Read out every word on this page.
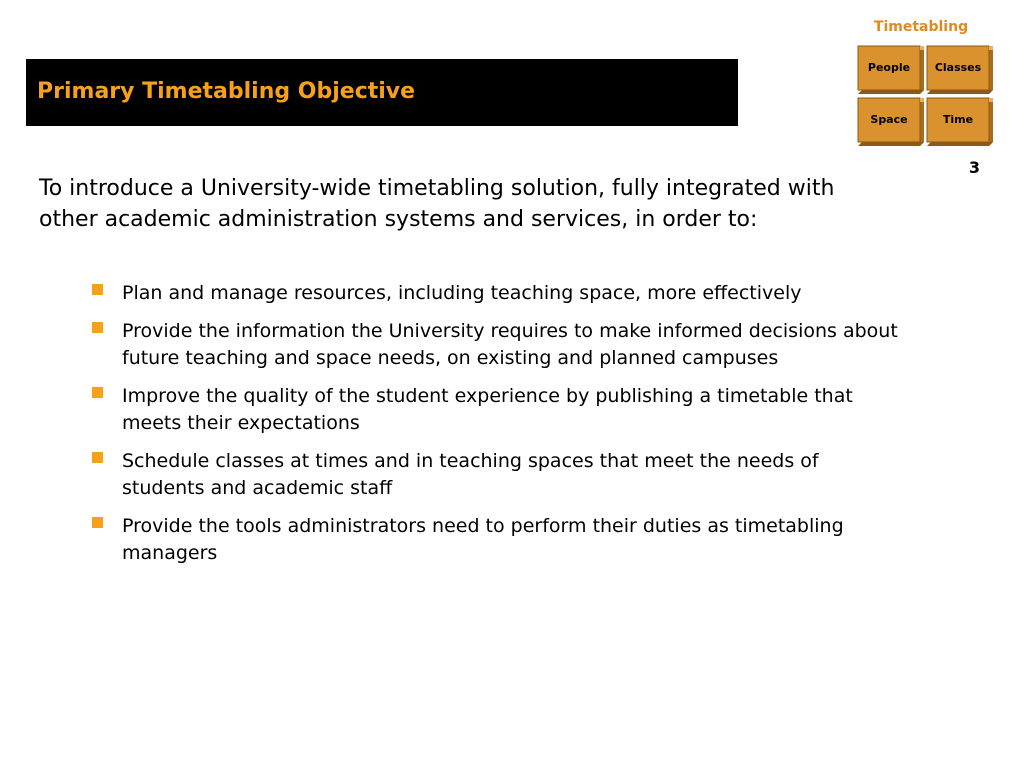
Primary Timetabling Objective
Timetabling
People	Classes
Space	Time
3

To introduce a University-wide timetabling solution, fully integrated with other academic administration systems and services, in order to:

Plan and manage resources, including teaching space, more effectively
Provide the information the University requires to make informed decisions about future teaching and space needs, on existing and planned campuses
Improve the quality of the student experience by publishing a timetable that meets their expectations
Schedule classes at times and in teaching spaces that meet the needs of students and academic staff
Provide the tools administrators need to perform their duties as timetabling managers
